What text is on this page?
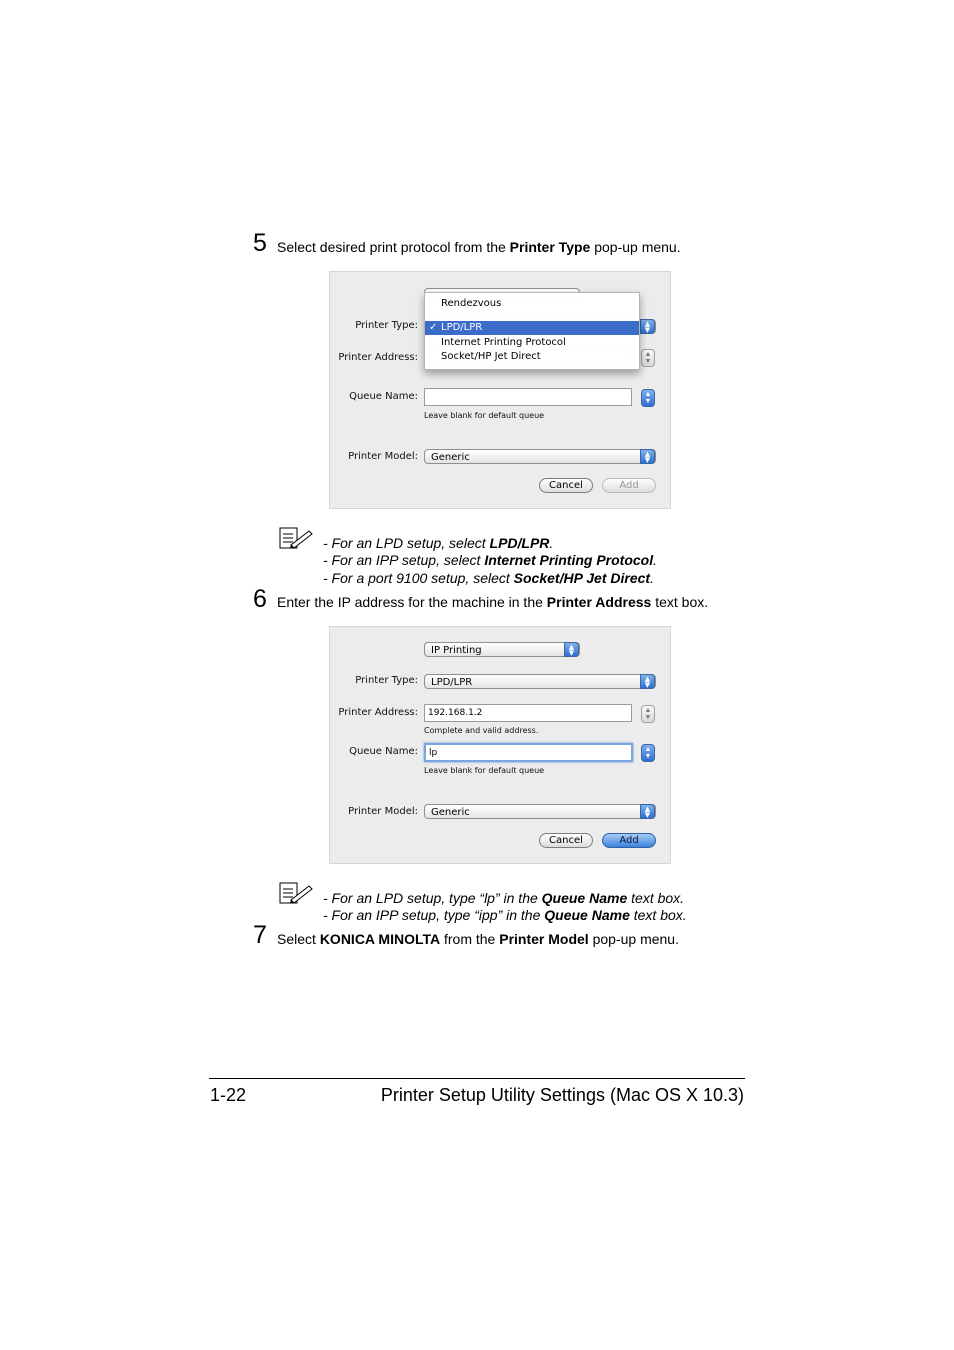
5 Select desired print protocol from the Printer Type pop-up menu.
Printer Type:	▲
▼
Printer Address:	▲
▼
Queue Name:	▲
▼
Leave blank for default queue
Printer Model:	Generic	▲
▼
Cancel	Add
Rendezvous
✓ LPD/LPR
Internet Printing Protocol
Socket/HP Jet Direct
- For an LPD setup, select LPD/LPR.
- For an IPP setup, select Internet Printing Protocol.
- For a port 9100 setup, select Socket/HP Jet Direct.
6 Enter the IP address for the machine in the Printer Address text box.
IP Printing	▲
▼
Printer Type:	LPD/LPR	▲
▼
Printer Address:	192.168.1.2	▲
▼
Complete and valid address.
Queue Name:	lp	▲
▼
Leave blank for default queue
Printer Model:	Generic	▲
▼
Cancel	Add
- For an LPD setup, type “lp” in the Queue Name text box.
- For an IPP setup, type “ipp” in the Queue Name text box.
7 Select KONICA MINOLTA from the Printer Model pop-up menu.
1-22	Printer Setup Utility Settings (Mac OS X 10.3)
